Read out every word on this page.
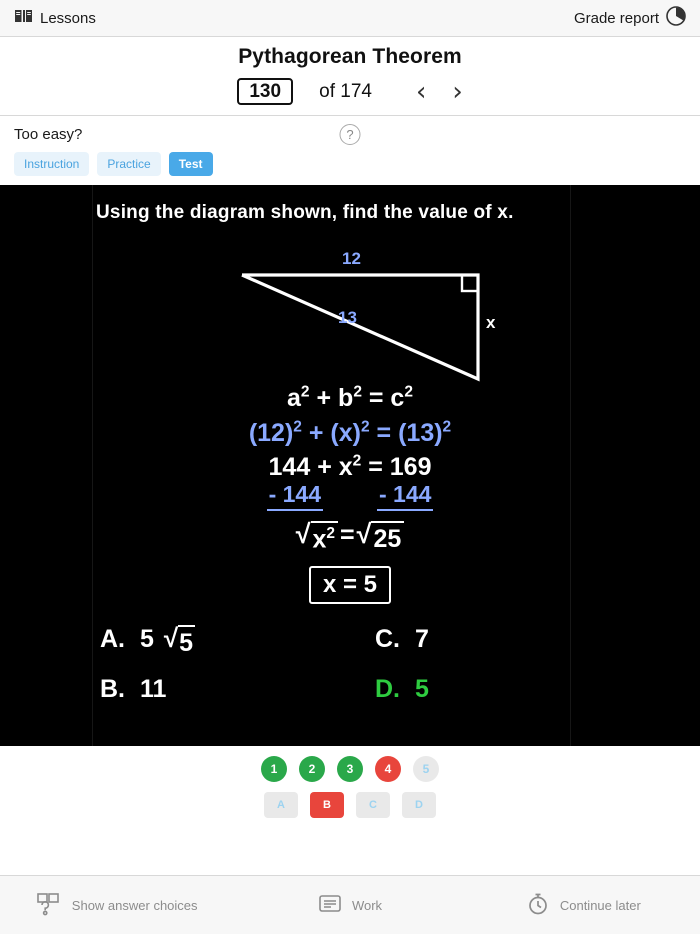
Lessons	Grade report
Pythagorean Theorem
130	of 174 ‹ ›
Too easy?	?
Instruction	Practice	Test
Using the diagram shown, find the value of x.
12
13	x
$a^2 + b^2 = c^2$
$(12)^2 + (x)^2 = (13)^2$
$144 + x^2 = 169$
- 144	- 144
√ $x^2$ = √ 25
x = 5
A. 5 √ 5
B. 11
C. 7
D. 5
1	2	3	4	5
A	B	C	D
Show answer choices	Work	Continue later
